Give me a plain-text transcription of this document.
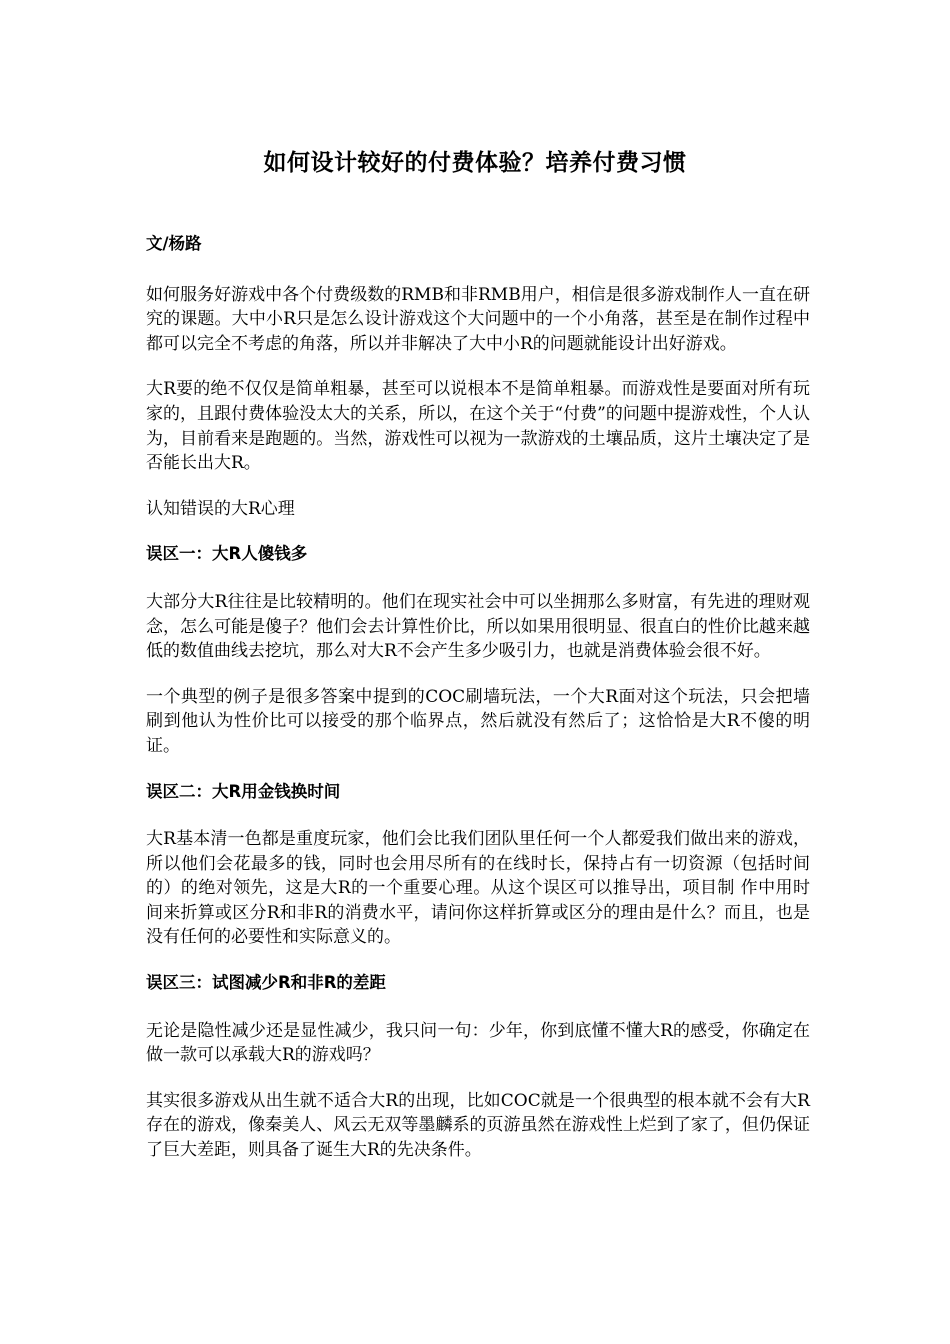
如何设计较好的付费体验？培养付费习惯

文/杨路

如何服务好游戏中各个付费级数的RMB和非RMB用户，相信是很多游戏制作人一直在研究的课题。大中小R只是怎么设计游戏这个大问题中的一个小角落，甚至是在制作过程中都可以完全不考虑的角落，所以并非解决了大中小R的问题就能设计出好游戏。

大R要的绝不仅仅是简单粗暴，甚至可以说根本不是简单粗暴。而游戏性是要面对所有玩家的，且跟付费体验没太大的关系，所以，在这个关于“付费”的问题中提游戏性，个人认为，目前看来是跑题的。当然，游戏性可以视为一款游戏的土壤品质，这片土壤决定了是否能长出大R。

认知错误的大R心理

误区一：大R人傻钱多

大部分大R往往是比较精明的。他们在现实社会中可以坐拥那么多财富，有先进的理财观念，怎么可能是傻子？他们会去计算性价比，所以如果用很明显、很直白的性价比越来越低的数值曲线去挖坑，那么对大R不会产生多少吸引力，也就是消费体验会很不好。

一个典型的例子是很多答案中提到的COC刷墙玩法，一个大R面对这个玩法，只会把墙刷到他认为性价比可以接受的那个临界点，然后就没有然后了；这恰恰是大R不傻的明证。

误区二：大R用金钱换时间

大R基本清一色都是重度玩家，他们会比我们团队里任何一个人都爱我们做出来的游戏， 所以他们会花最多的钱，同时也会用尽所有的在线时长，保持占有一切资源（包括时间的）的绝对领先，这是大R的一个重要心理。从这个误区可以推导出，项目制 作中用时间来折算或区分R和非R的消费水平，请问你这样折算或区分的理由是什么？而且，也是没有任何的必要性和实际意义的。

误区三：试图减少R和非R的差距

无论是隐性减少还是显性减少，我只问一句：少年，你到底懂不懂大R的感受，你确定在做一款可以承载大R的游戏吗？

其实很多游戏从出生就不适合大R的出现，比如COC就是一个很典型的根本就不会有大R存在的游戏，像秦美人、风云无双等墨麟系的页游虽然在游戏性上烂到了家了，但仍保证了巨大差距，则具备了诞生大R的先决条件。
